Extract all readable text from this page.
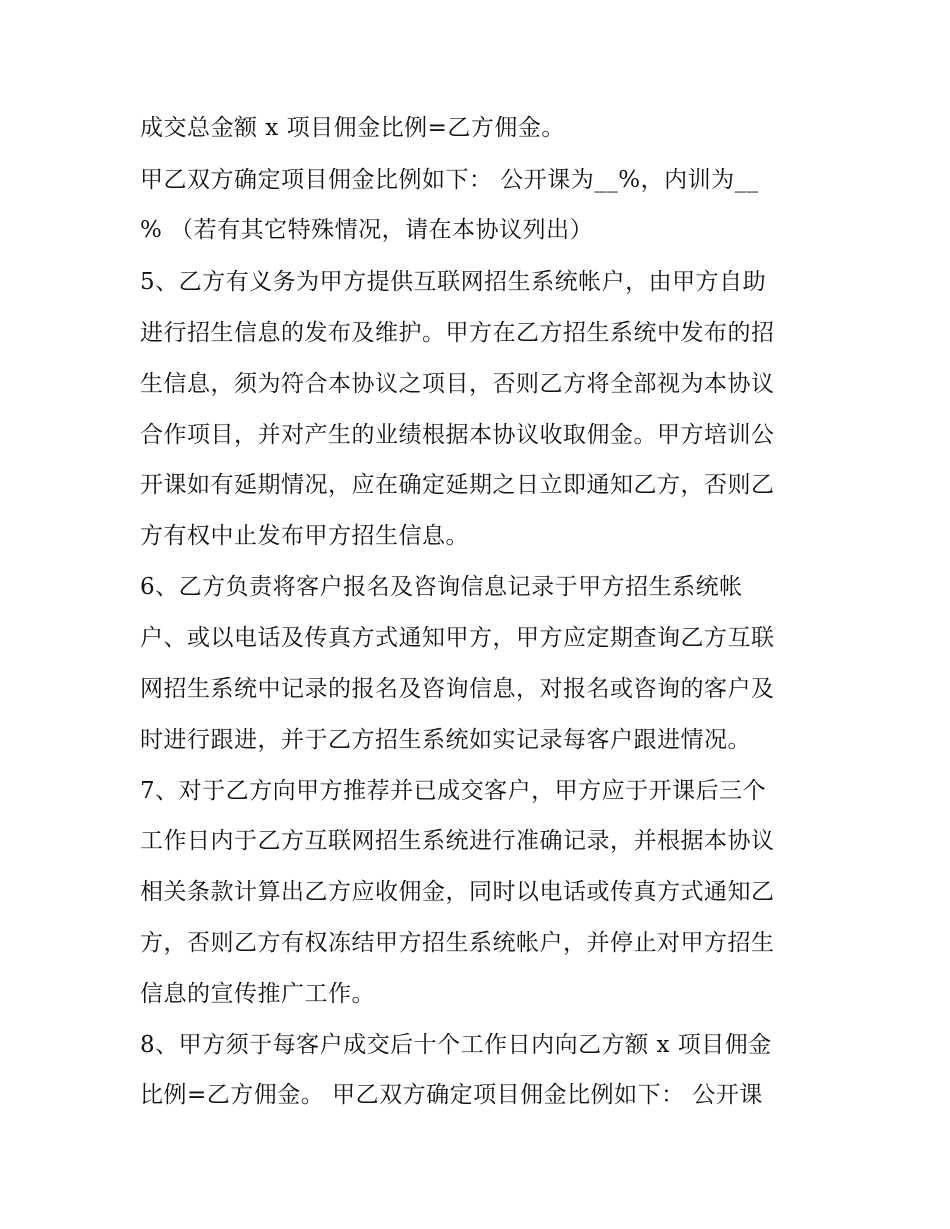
成交总金额 x 项目佣金比例=乙方佣金。
甲乙双方确定项目佣金比例如下： 公开课为__%，内训为__
% （若有其它特殊情况，请在本协议列出）
5、乙方有义务为甲方提供互联网招生系统帐户，由甲方自助
进行招生信息的发布及维护。甲方在乙方招生系统中发布的招
生信息，须为符合本协议之项目，否则乙方将全部视为本协议
合作项目，并对产生的业绩根据本协议收取佣金。甲方培训公
开课如有延期情况，应在确定延期之日立即通知乙方，否则乙
方有权中止发布甲方招生信息。
6、乙方负责将客户报名及咨询信息记录于甲方招生系统帐
户、或以电话及传真方式通知甲方，甲方应定期查询乙方互联
网招生系统中记录的报名及咨询信息，对报名或咨询的客户及
时进行跟进，并于乙方招生系统如实记录每客户跟进情况。
7、对于乙方向甲方推荐并已成交客户，甲方应于开课后三个
工作日内于乙方互联网招生系统进行准确记录，并根据本协议
相关条款计算出乙方应收佣金，同时以电话或传真方式通知乙
方，否则乙方有权冻结甲方招生系统帐户，并停止对甲方招生
信息的宣传推广工作。
8、甲方须于每客户成交后十个工作日内向乙方额 x 项目佣金
比例=乙方佣金。 甲乙双方确定项目佣金比例如下： 公开课
